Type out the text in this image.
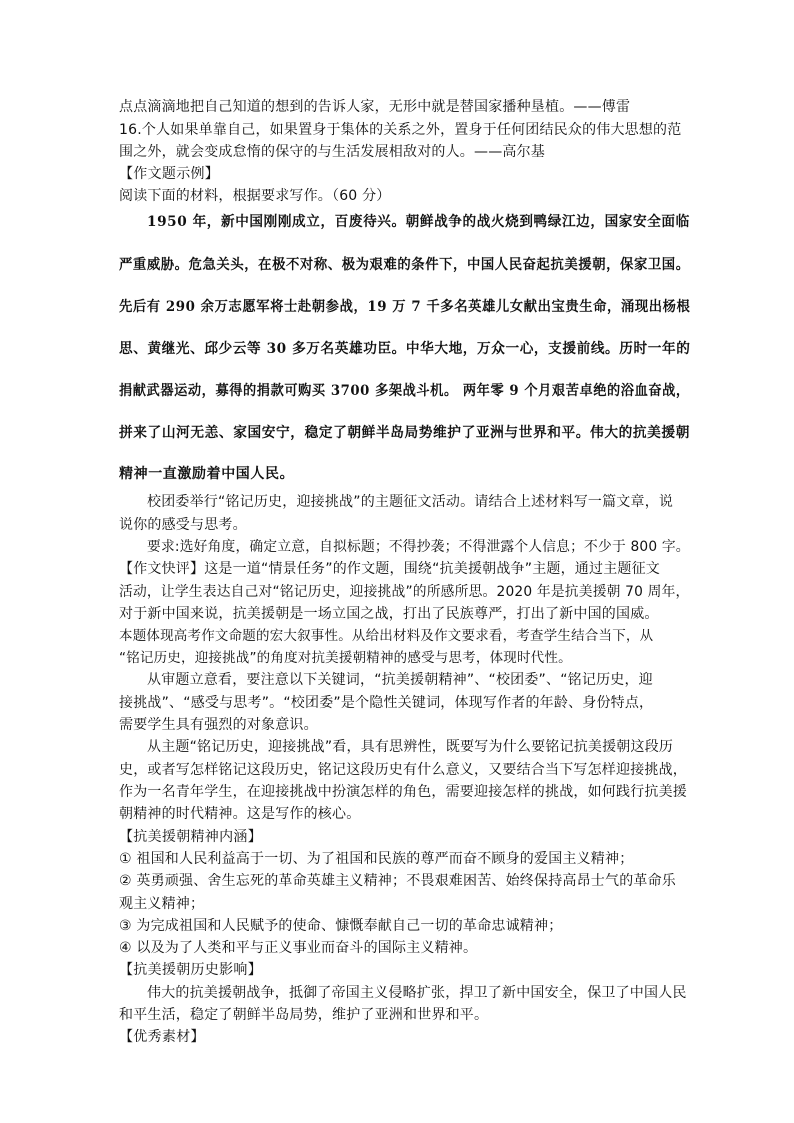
点点滴滴地把自己知道的想到的告诉人家，无形中就是替国家播种垦植。——傅雷
16.个人如果单靠自己，如果置身于集体的关系之外，置身于任何团结民众的伟大思想的范
围之外，就会变成怠惰的保守的与生活发展相敌对的人。——高尔基
【作文题示例】
阅读下面的材料，根据要求写作。（60 分）
1950 年，新中国刚刚成立，百废待兴。朝鲜战争的战火烧到鸭绿江边，国家安全面临
严重威胁。危急关头，在极不对称、极为艰难的条件下，中国人民奋起抗美援朝，保家卫国。
先后有 290 余万志愿军将士赴朝参战，19 万 7 千多名英雄儿女献出宝贵生命，涌现出杨根
思、黄继光、邱少云等 30 多万名英雄功臣。中华大地，万众一心，支援前线。历时一年的
捐献武器运动，募得的捐款可购买 3700 多架战斗机。 两年零 9 个月艰苦卓绝的浴血奋战，
拼来了山河无恙、家国安宁，稳定了朝鲜半岛局势维护了亚洲与世界和平。伟大的抗美援朝
精神一直激励着中国人民。
校团委举行“铭记历史，迎接挑战”的主题征文活动。请结合上述材料写一篇文章，说
说你的感受与思考。
要求:选好角度，确定立意，自拟标题；不得抄袭；不得泄露个人信息；不少于 800 字。
【作文快评】这是一道“情景任务”的作文题，围绕“抗美援朝战争”主题，通过主题征文
活动，让学生表达自己对“铭记历史，迎接挑战”的所感所思。2020 年是抗美援朝 70 周年，
对于新中国来说，抗美援朝是一场立国之战，打出了民族尊严，打出了新中国的国威。
本题体现高考作文命题的宏大叙事性。从给出材料及作文要求看，考查学生结合当下，从
“铭记历史，迎接挑战”的角度对抗美援朝精神的感受与思考，体现时代性。
从审题立意看，要注意以下关键词，“抗美援朝精神”、“校团委”、“铭记历史，迎
接挑战”、“感受与思考”。“校团委”是个隐性关键词，体现写作者的年龄、身份特点，
需要学生具有强烈的对象意识。
从主题“铭记历史，迎接挑战”看，具有思辨性，既要写为什么要铭记抗美援朝这段历
史，或者写怎样铭记这段历史，铭记这段历史有什么意义，又要结合当下写怎样迎接挑战，
作为一名青年学生，在迎接挑战中扮演怎样的角色，需要迎接怎样的挑战，如何践行抗美援
朝精神的时代精神。这是写作的核心。
【抗美援朝精神内涵】
① 祖国和人民利益高于一切、为了祖国和民族的尊严而奋不顾身的爱国主义精神；
② 英勇顽强、舍生忘死的革命英雄主义精神；不畏艰难困苦、始终保持高昂士气的革命乐
观主义精神；
③ 为完成祖国和人民赋予的使命、慷慨奉献自己一切的革命忠诚精神；
④ 以及为了人类和平与正义事业而奋斗的国际主义精神。
【抗美援朝历史影响】
伟大的抗美援朝战争，抵御了帝国主义侵略扩张，捍卫了新中国安全，保卫了中国人民
和平生活，稳定了朝鲜半岛局势，维护了亚洲和世界和平。
【优秀素材】
